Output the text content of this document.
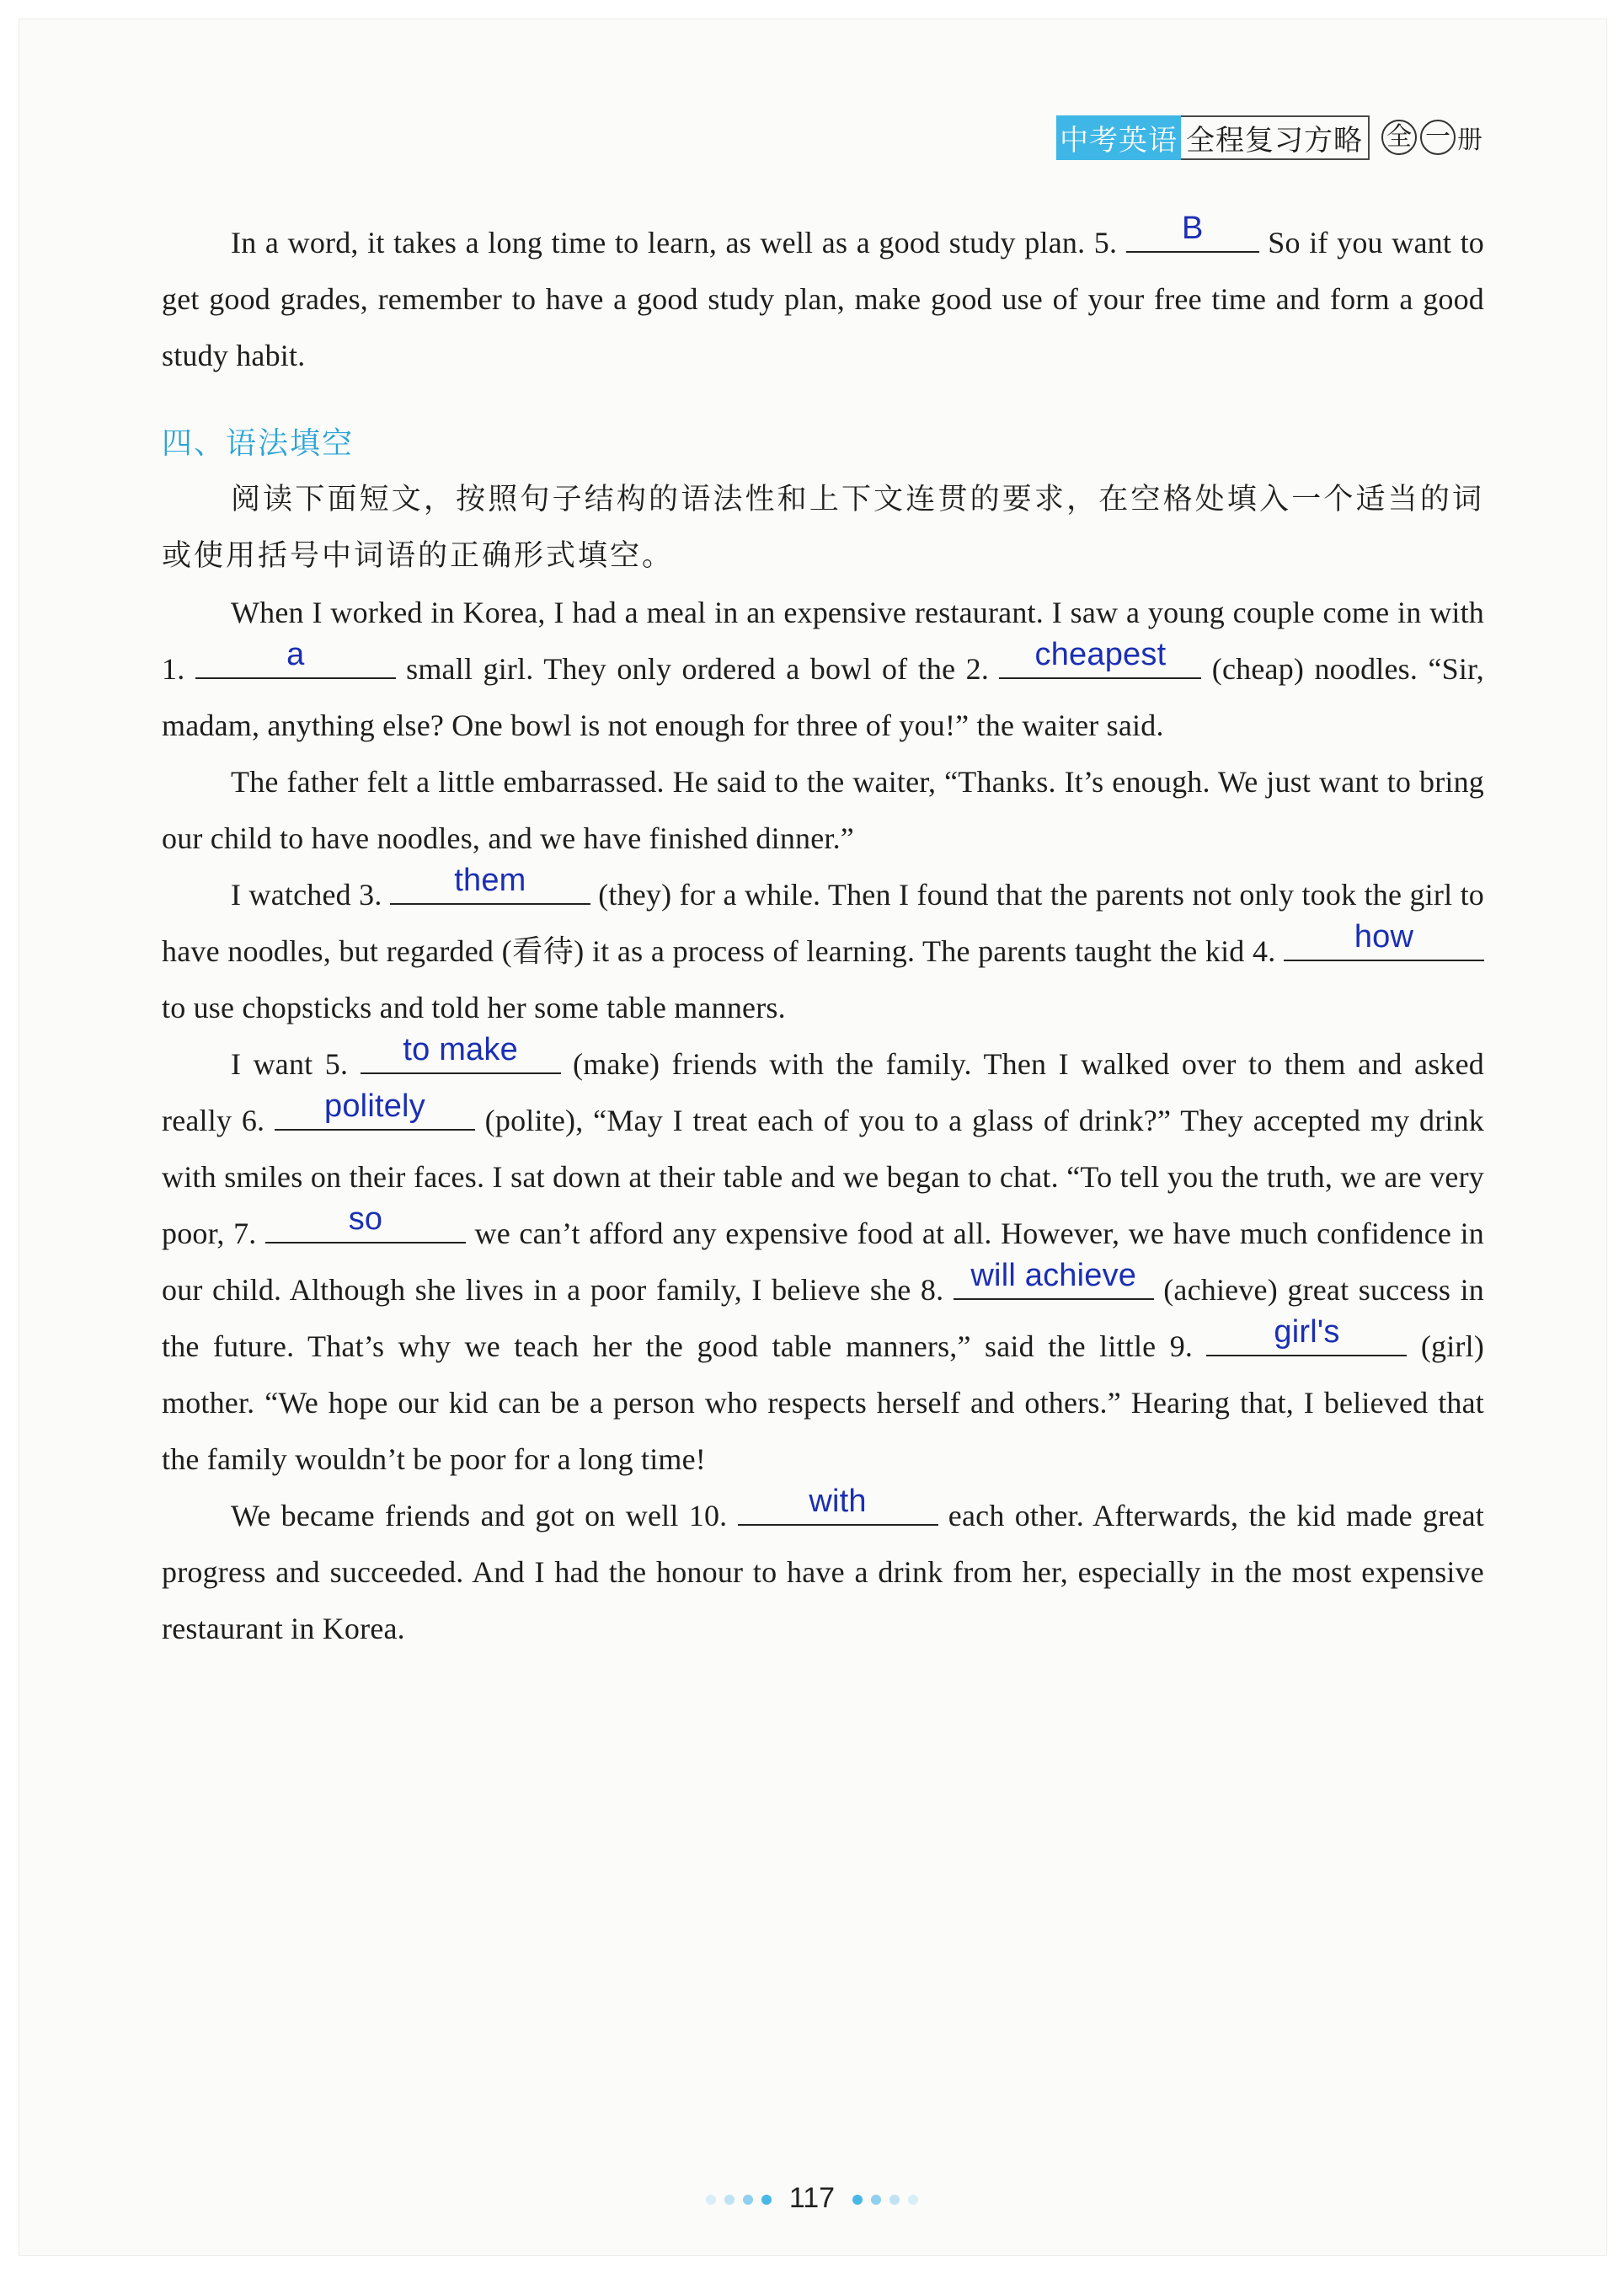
中考英语 全程复习方略 全 一 册

In a word, it takes a long time to learn, as well as a good study plan. 5.	B	So if you want to get good grades, remember to have a good study plan, make good use of your free time and form a good study habit.

四、语法填空

阅读下面短文，按照句子结构的语法性和上下文连贯的要求，在空格处填入一个适当的词或使用括号中词语的正确形式填空。

When I worked in Korea, I had a meal in an expensive restaurant. I saw a young couple come in with 1.	a	small girl. They only ordered a bowl of the 2.	cheapest	(cheap) noodles. “Sir, madam, anything else? One bowl is not enough for three of you!” the waiter said.

The father felt a little embarrassed. He said to the waiter, “Thanks. It’s enough. We just want to bring our child to have noodles, and we have finished dinner.”

I watched 3.	them	(they) for a while. Then I found that the parents not only took the girl to have noodles, but regarded (看待) it as a process of learning. The parents taught the kid 4.	how
to use chopsticks and told her some table manners.

I want 5.	to make	(make) friends with the family. Then I walked over to them and asked really 6.	politely	(polite), “May I treat each of you to a glass of drink?” They accepted my drink with smiles on their faces. I sat down at their table and we began to chat. “To tell you the truth, we are very poor, 7.	so	we can’t afford any expensive food at all. However, we have much confidence in our child. Although she lives in a poor family, I believe she 8. will achieve (achieve) great success in the future. That’s why we teach her the good table manners,” said the little 9.	girl's	(girl) mother. “We hope our kid can be a person who respects herself and others.” Hearing that, I believed that the family wouldn’t be poor for a long time!

We became friends and got on well 10.	with	each other. Afterwards, the kid made great progress and succeeded. And I had the honour to have a drink from her, especially in the most expensive restaurant in Korea.

117
